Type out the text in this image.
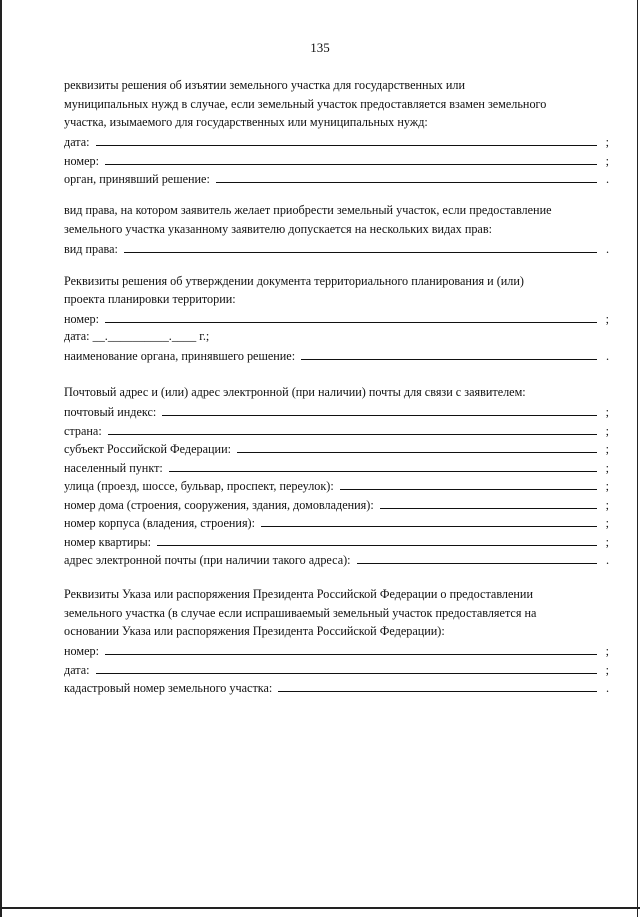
135
реквизиты решения об изъятии земельного участка для государственных или
муниципальных нужд в случае, если земельный участок предоставляется взамен земельного
участка, изымаемого для государственных или муниципальных нужд:
дата:	;
номер:	;
орган, принявший решение:	.
вид права, на котором заявитель желает приобрести земельный участок, если предоставление
земельного участка указанному заявителю допускается на нескольких видах прав:
вид права:	.
Реквизиты решения об утверждении документа территориального планирования и (или)
проекта планировки территории:
номер:	;
дата: __.__________.____ г.;
наименование органа, принявшего решение:	.
Почтовый адрес и (или) адрес электронной (при наличии) почты для связи с заявителем:
почтовый индекс:	;
страна:	;
субъект Российской Федерации:	;
населенный пункт:	;
улица (проезд, шоссе, бульвар, проспект, переулок):	;
номер дома (строения, сооружения, здания, домовладения):	;
номер корпуса (владения, строения):	;
номер квартиры:	;
адрес электронной почты (при наличии такого адреса):	.
Реквизиты Указа или распоряжения Президента Российской Федерации о предоставлении
земельного участка (в случае если испрашиваемый земельный участок предоставляется на
основании Указа или распоряжения Президента Российской Федерации):
номер:	;
дата:	;
кадастровый номер земельного участка:	.
